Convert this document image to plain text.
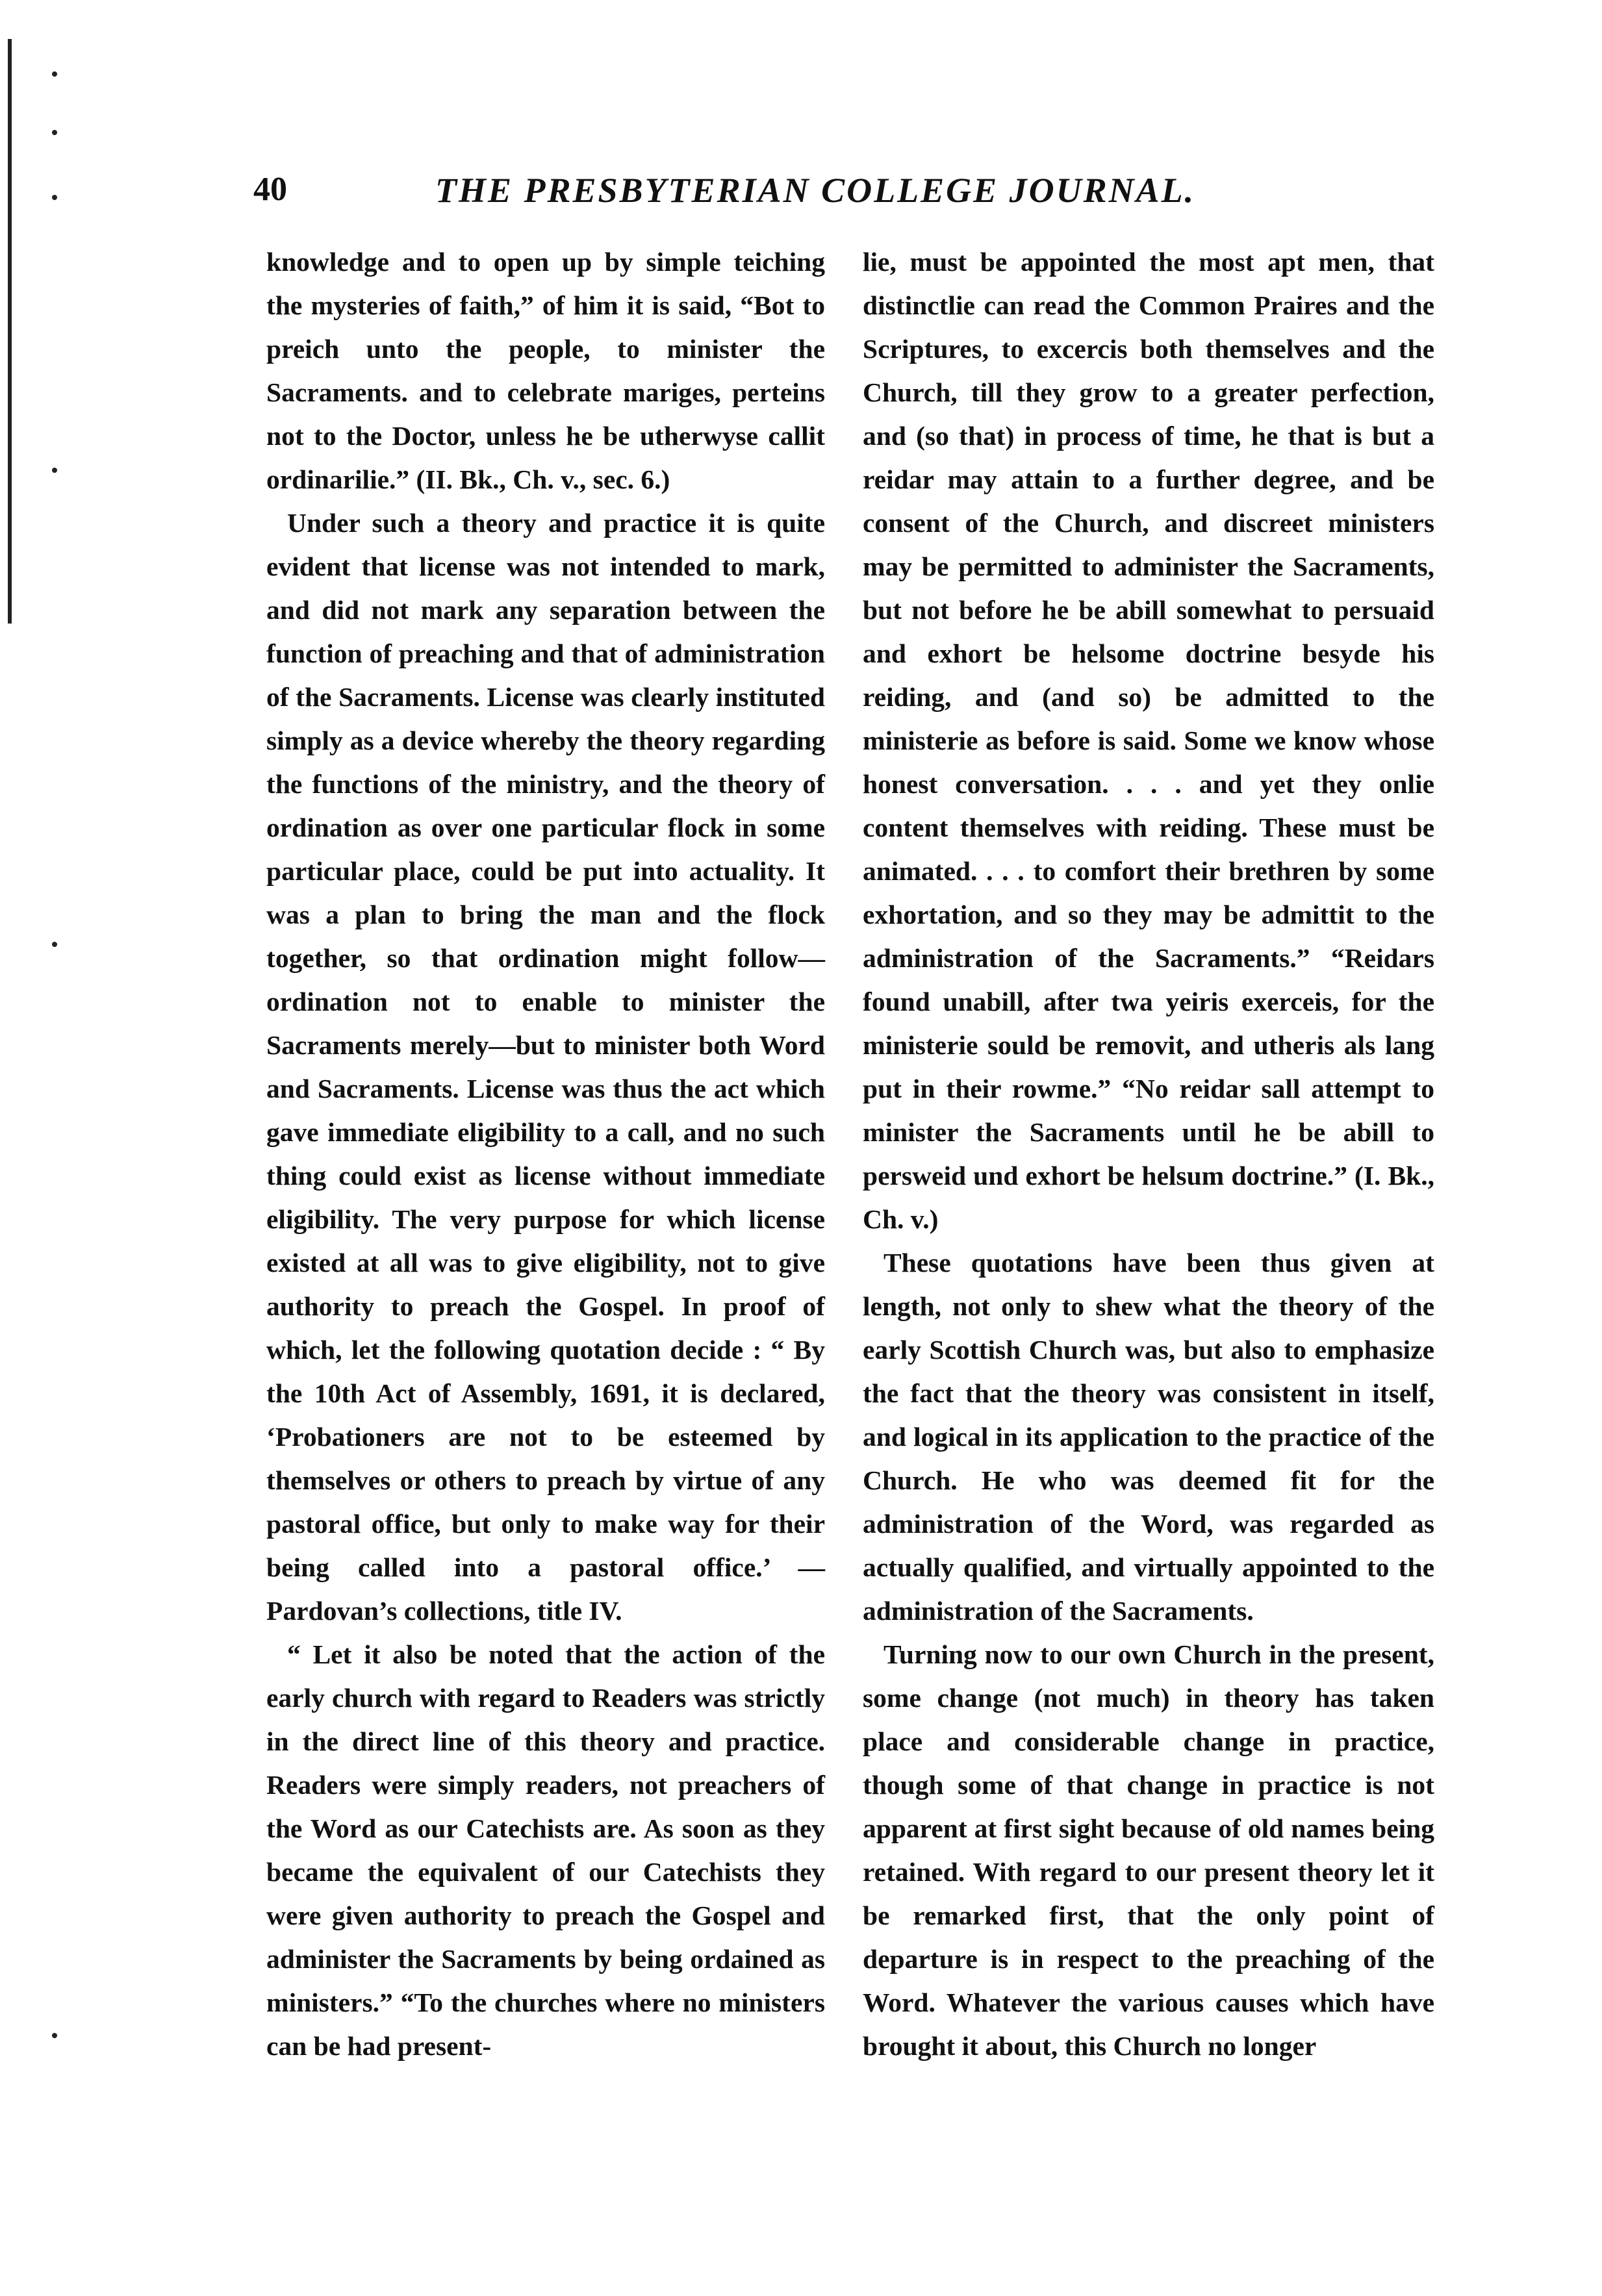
40	THE PRESBYTERIAN COLLEGE JOURNAL.

knowledge and to open up by simple teiching the mysteries of faith,” of him it is said, “Bot to preich unto the people, to minister the Sacraments. and to celebrate mariges, perteins not to the Doctor, unless he be utherwyse callit ordinarilie.” (II. Bk., Ch. v., sec. 6.)

Under such a theory and practice it is quite evident that license was not intended to mark, and did not mark any separation between the function of preaching and that of administration of the Sacraments. License was clearly instituted simply as a device whereby the theory regarding the functions of the ministry, and the theory of ordination as over one particular flock in some particular place, could be put into actuality. It was a plan to bring the man and the flock together, so that ordination might follow—ordination not to enable to minister the Sacraments merely—but to minister both Word and Sacraments. License was thus the act which gave immediate eligibility to a call, and no such thing could exist as license without immediate eligibility. The very purpose for which license existed at all was to give eligibility, not to give authority to preach the Gospel. In proof of which, let the following quotation decide : “ By the 10th Act of Assembly, 1691, it is declared, ‘Probationers are not to be esteemed by themselves or others to preach by virtue of any pastoral office, but only to make way for their being called into a pastoral office.’ — Pardovan’s collections, title IV.

“ Let it also be noted that the action of the early church with regard to Readers was strictly in the direct line of this theory and practice. Readers were simply readers, not preachers of the Word as our Catechists are. As soon as they became the equivalent of our Catechists they were given authority to preach the Gospel and administer the Sacraments by being ordained as ministers.” “To the churches where no ministers can be had present-

lie, must be appointed the most apt men, that distinctlie can read the Common Praires and the Scriptures, to excercis both themselves and the Church, till they grow to a greater perfection, and (so that) in process of time, he that is but a reidar may attain to a further degree, and be consent of the Church, and discreet ministers may be permitted to administer the Sacraments, but not before he be abill somewhat to persuaid and exhort be helsome doctrine besyde his reiding, and (and so) be admitted to the ministerie as before is said. Some we know whose honest conversation. . . . and yet they onlie content themselves with reiding. These must be animated. . . . to comfort their brethren by some exhortation, and so they may be admittit to the administration of the Sacraments.” “Reidars found unabill, after twa yeiris exerceis, for the ministerie sould be removit, and utheris als lang put in their rowme.” “No reidar sall attempt to minister the Sacraments until he be abill to persweid und exhort be helsum doctrine.” (I. Bk., Ch. v.)

These quotations have been thus given at length, not only to shew what the theory of the early Scottish Church was, but also to emphasize the fact that the theory was consistent in itself, and logical in its application to the practice of the Church. He who was deemed fit for the administration of the Word, was regarded as actually qualified, and virtually appointed to the administration of the Sacraments.

Turning now to our own Church in the present, some change (not much) in theory has taken place and considerable change in practice, though some of that change in practice is not apparent at first sight because of old names being retained. With regard to our present theory let it be remarked first, that the only point of departure is in respect to the preaching of the Word. Whatever the various causes which have brought it about, this Church no longer
